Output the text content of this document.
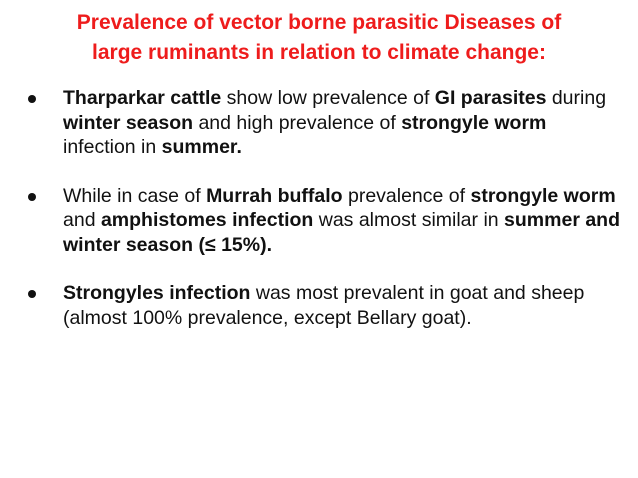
Prevalence of vector borne parasitic Diseases of
large ruminants in relation to climate change:
Tharparkar cattle show low prevalence of GI parasites during winter season and high prevalence of strongyle worm infection in summer.
While in case of Murrah buffalo prevalence of strongyle worm and amphistomes infection was almost similar in summer and winter season (≤ 15%).
Strongyles infection was most prevalent in goat and sheep (almost 100% prevalence, except Bellary goat).
